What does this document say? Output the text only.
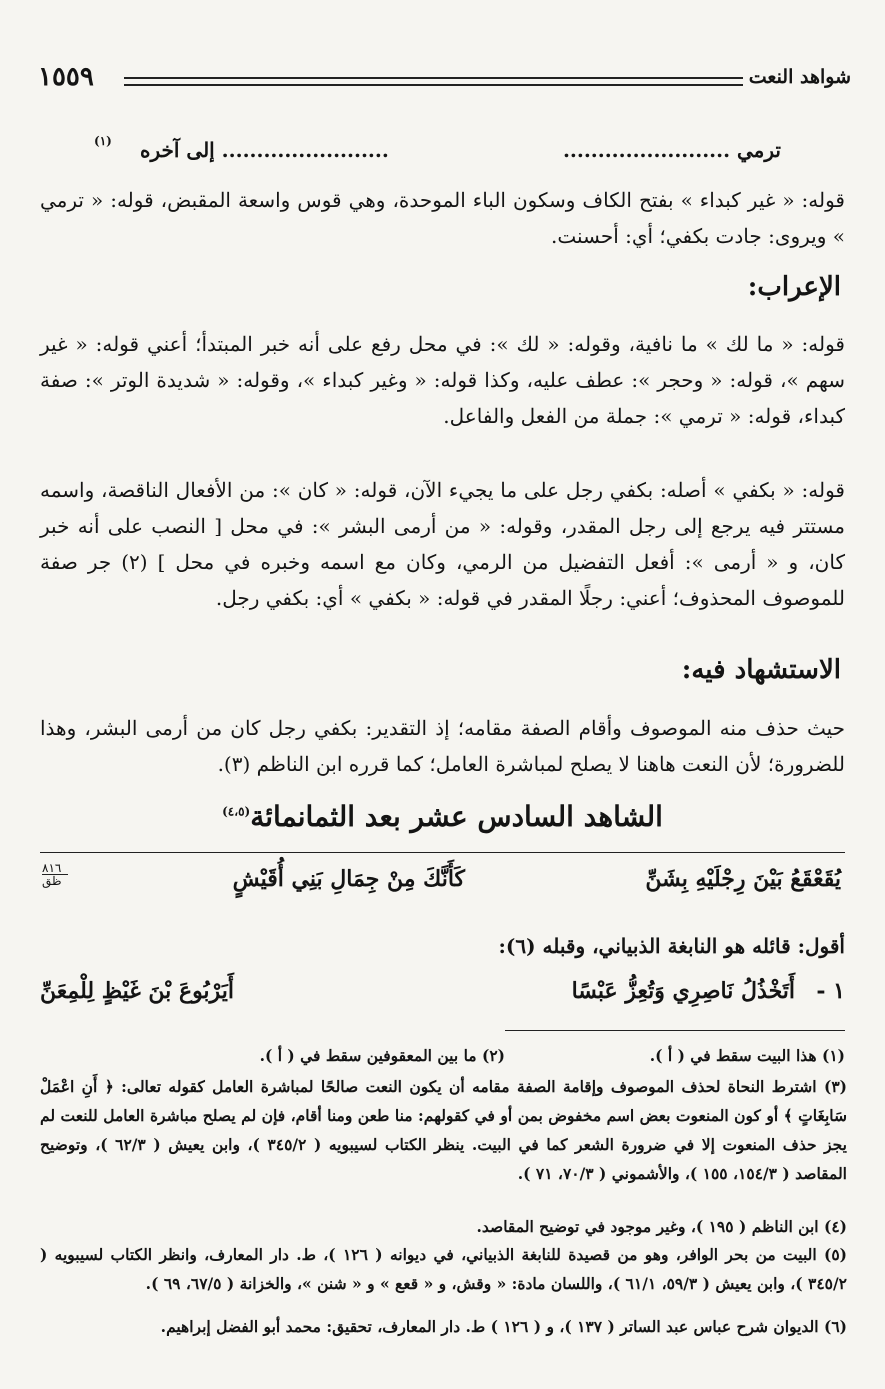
شواهد النعت
١٥٥٩
ترمي ........................
........................ إلى آخره
(١)
قوله: « غير كبداء » بفتح الكاف وسكون الباء الموحدة، وهي قوس واسعة المقبض، قوله: « ترمي » ويروى: جادت بكفي؛ أي: أحسنت.
الإعراب:
قوله: « ما لك » ما نافية، وقوله: « لك »: في محل رفع على أنه خبر المبتدأ؛ أعني قوله: « غير سهم »، قوله: « وحجر »: عطف عليه، وكذا قوله: « وغير كبداء »، وقوله: « شديدة الوتر »: صفة كبداء، قوله: « ترمي »: جملة من الفعل والفاعل.
قوله: « بكفي » أصله: بكفي رجل على ما يجيء الآن، قوله: « كان »: من الأفعال الناقصة، واسمه مستتر فيه يرجع إلى رجل المقدر، وقوله: « من أرمى البشر »: في محل [ النصب على أنه خبر كان، و « أرمى »: أفعل التفضيل من الرمي، وكان مع اسمه وخبره في محل ] (٢) جر صفة للموصوف المحذوف؛ أعني: رجلًا المقدر في قوله: « بكفي » أي: بكفي رجل.
الاستشهاد فيه:
حيث حذف منه الموصوف وأقام الصفة مقامه؛ إذ التقدير: بكفي رجل كان من أرمى البشر، وهذا للضرورة؛ لأن النعت هاهنا لا يصلح لمباشرة العامل؛ كما قرره ابن الناظم (٣).
الشاهد السادس عشر بعد الثمانمائة$^{(٤،٥)}$
٨١٦
ظق	كَأَنَّكَ مِنْ جِمَالِ بَنِي أُقَيْشٍ	يُقَعْقَعُ بَيْنَ رِجْلَيْهِ بِشَنِّ
أقول: قائله هو النابغة الذبياني، وقبله (٦):
١ -
أَتَخْذُلُ نَاصِرِي وَتُعِزُّ عَبْسًا
أَيَرْبُوعَ بْنَ غَيْظٍ لِلْمِعَنِّ
(١) هذا البيت سقط في ( أ ).
(٢) ما بين المعقوفين سقط في ( أ ).
(٣) اشترط النحاة لحذف الموصوف وإقامة الصفة مقامه أن يكون النعت صالحًا لمباشرة العامل كقوله تعالى: ﴿ أَنِ اعْمَلْ سَابِغَاتٍ ﴾ أو كون المنعوت بعض اسم مخفوض بمن أو في كقولهم: منا طعن ومنا أقام، فإن لم يصلح مباشرة العامل للنعت لم يجز حذف المنعوت إلا في ضرورة الشعر كما في البيت. ينظر الكتاب لسيبويه ( ٣٤٥/٢ )، وابن يعيش ( ٦٢/٣ )، وتوضيح المقاصد ( ١٥٤/٣، ١٥٥ )، والأشموني ( ٧٠/٣، ٧١ ).
(٤) ابن الناظم ( ١٩٥ )، وغير موجود في توضيح المقاصد.
(٥) البيت من بحر الوافر، وهو من قصيدة للنابغة الذبياني، في ديوانه ( ١٢٦ )، ط. دار المعارف، وانظر الكتاب لسيبويه ( ٣٤٥/٢ )، وابن يعيش ( ٥٩/٣، ٦١/١ )، واللسان مادة: « وقش، و « قعع » و « شنن »، والخزانة ( ٦٧/٥، ٦٩ ).
(٦) الديوان شرح عباس عبد الساتر ( ١٣٧ )، و ( ١٢٦ ) ط. دار المعارف، تحقيق: محمد أبو الفضل إبراهيم.
